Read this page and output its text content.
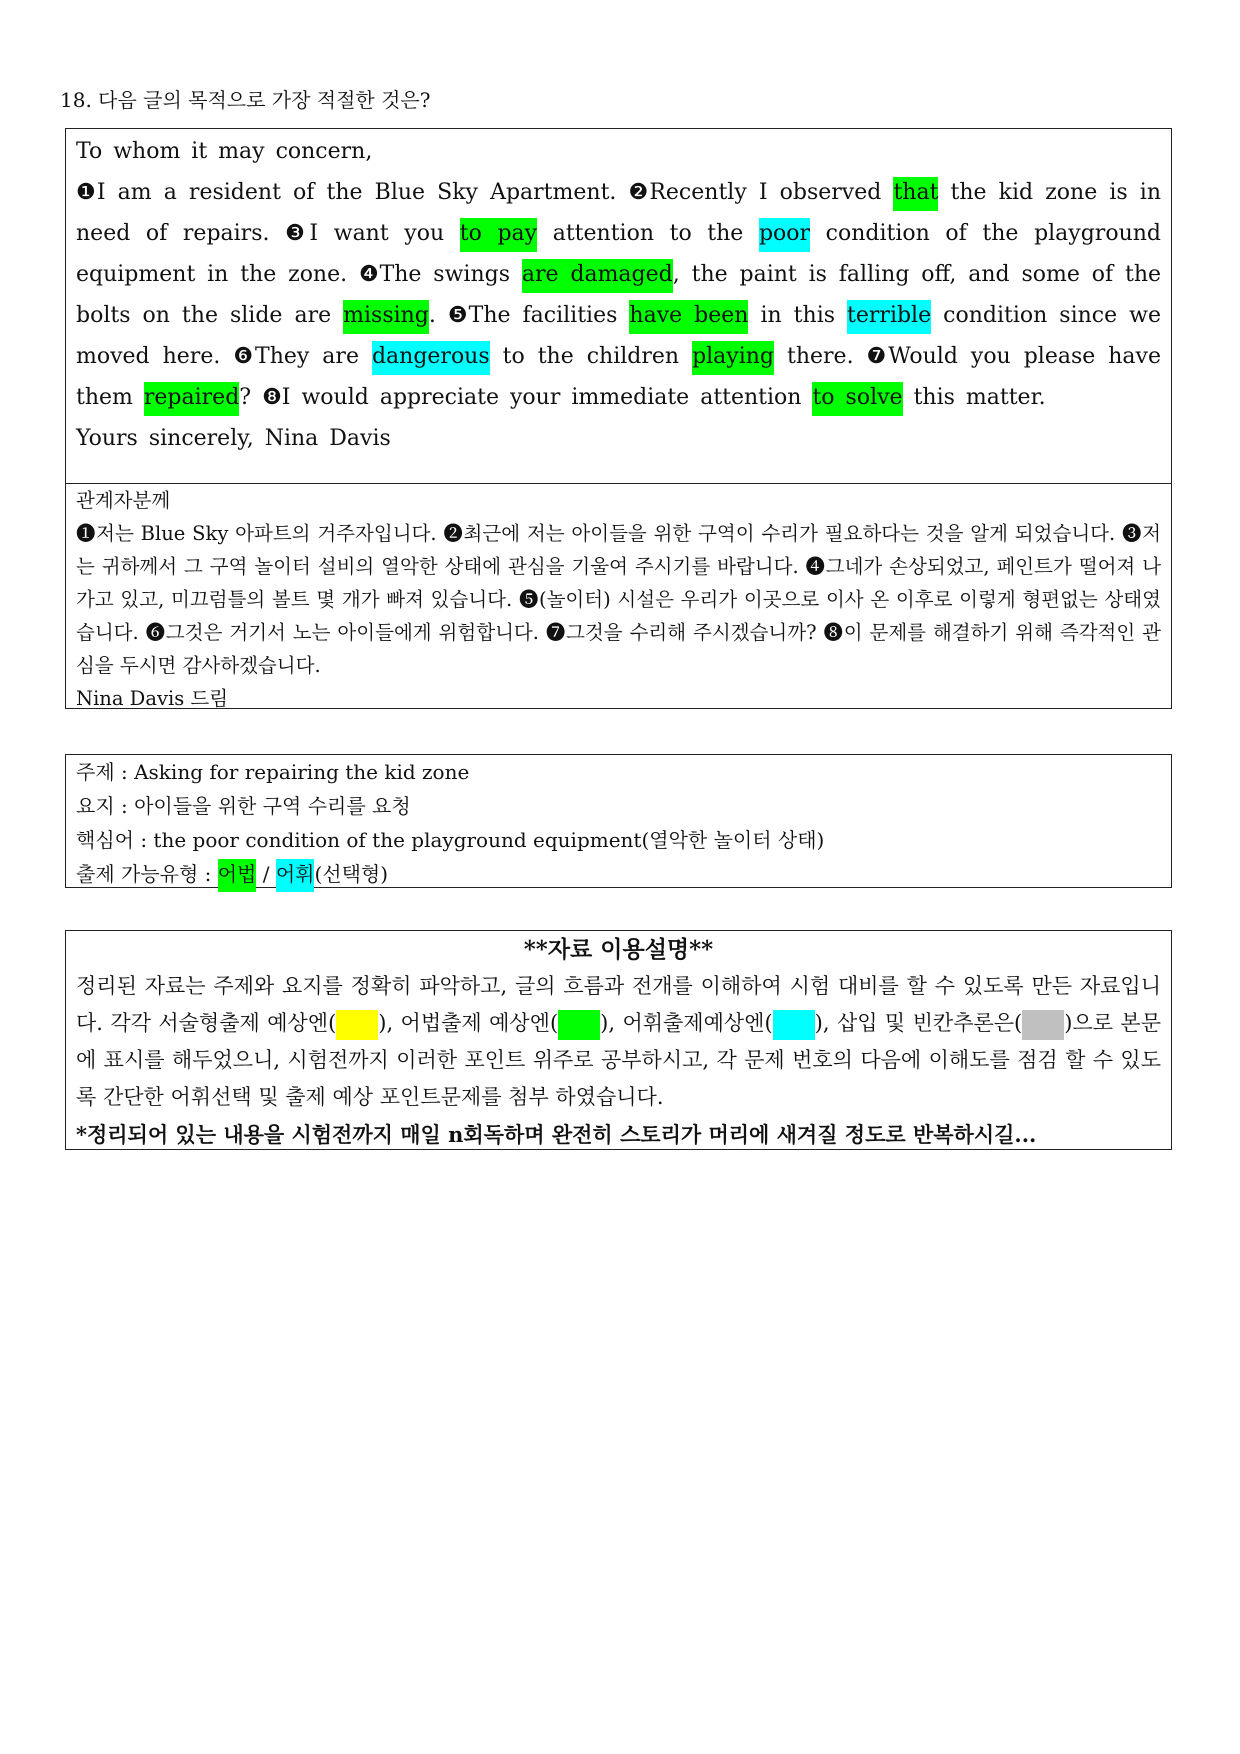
18. 다음 글의 목적으로 가장 적절한 것은?

To whom it may concern,

❶I am a resident of the Blue Sky Apartment. ❷Recently I observed that the kid zone is in need of repairs. ❸I want you to pay attention to the poor condition of the playground equipment in the zone. ❹The swings are damaged, the paint is falling off, and some of the bolts on the slide are missing. ❺The facilities have been in this terrible condition since we moved here. ❻They are dangerous to the children playing there. ❼Would you please have them repaired? ❽I would appreciate your immediate attention to solve this matter.

Yours sincerely, Nina Davis

관계자분께

❶저는 Blue Sky 아파트의 거주자입니다. ❷최근에 저는 아이들을 위한 구역이 수리가 필요하다는 것을 알게 되었습니다. ❸저는 귀하께서 그 구역 놀이터 설비의 열악한 상태에 관심을 기울여 주시기를 바랍니다. ❹그네가 손상되었고, 페인트가 떨어져 나가고 있고, 미끄럼틀의 볼트 몇 개가 빠져 있습니다. ❺(놀이터) 시설은 우리가 이곳으로 이사 온 이후로 이렇게 형편없는 상태였습니다. ❻그것은 거기서 노는 아이들에게 위험합니다. ❼그것을 수리해 주시겠습니까? ❽이 문제를 해결하기 위해 즉각적인 관심을 두시면 감사하겠습니다.

Nina Davis 드림

주제 : Asking for repairing the kid zone
요지 : 아이들을 위한 구역 수리를 요청
핵심어 : the poor condition of the playground equipment(열악한 놀이터 상태)
출제 가능유형 : 어법 / 어휘(선택형)
**자료 이용설명**

정리된 자료는 주제와 요지를 정확히 파악하고, 글의 흐름과 전개를 이해하여 시험 대비를 할 수 있도록 만든 자료입니다. 각각 서술형출제 예상엔( ), 어법출제 예상엔( ), 어휘출제예상엔( ), 삽입 및 빈칸추론은( )으로 본문에 표시를 해두었으니, 시험전까지 이러한 포인트 위주로 공부하시고, 각 문제 번호의 다음에 이해도를 점검 할 수 있도록 간단한 어휘선택 및 출제 예상 포인트문제를 첨부 하였습니다.

*정리되어 있는 내용을 시험전까지 매일 n회독하며 완전히 스토리가 머리에 새겨질 정도로 반복하시길...
